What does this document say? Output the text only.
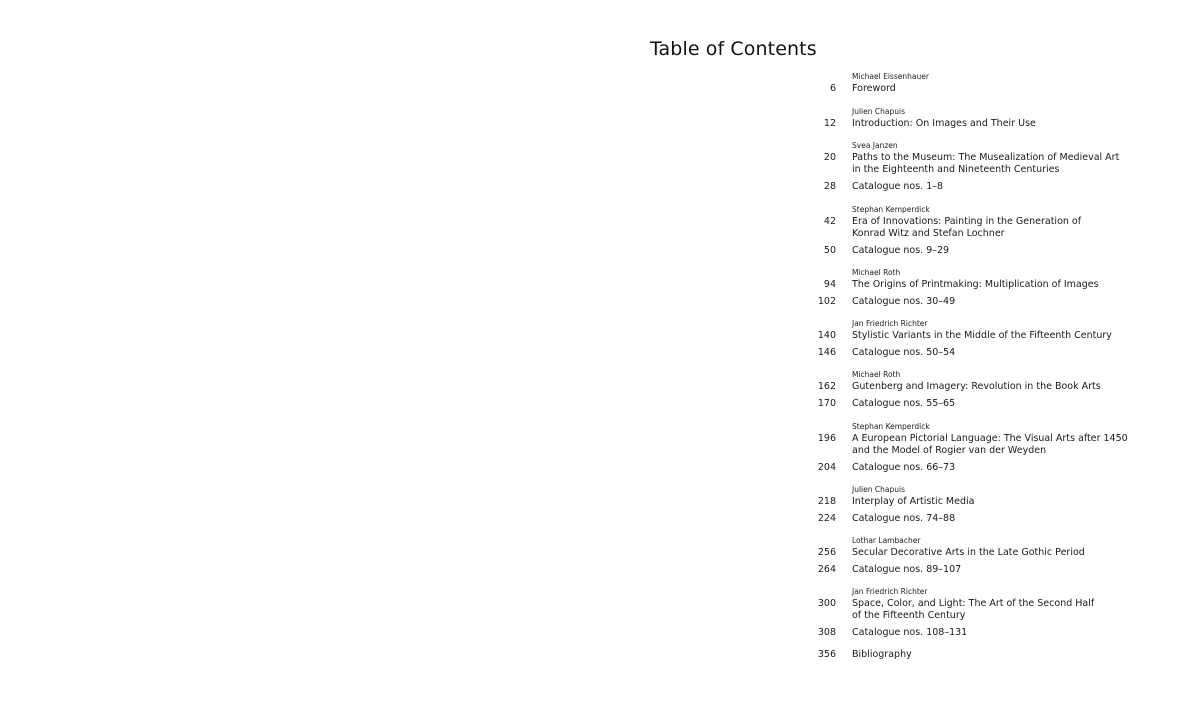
Table of Contents
Michael Eissenhauer
6 Foreword
Julien Chapuis
12 Introduction: On Images and Their Use
Svea Janzen
20 Paths to the Museum: The Musealization of Medieval Art
in the Eighteenth and Nineteenth Centuries
28 Catalogue nos. 1–8
Stephan Kemperdick
42 Era of Innovations: Painting in the Generation of
Konrad Witz and Stefan Lochner
50 Catalogue nos. 9–29
Michael Roth
94 The Origins of Printmaking: Multiplication of Images
102 Catalogue nos. 30–49
Jan Friedrich Richter
140 Stylistic Variants in the Middle of the Fifteenth Century
146 Catalogue nos. 50–54
Michael Roth
162 Gutenberg and Imagery: Revolution in the Book Arts
170 Catalogue nos. 55–65
Stephan Kemperdick
196 A European Pictorial Language: The Visual Arts after 1450
and the Model of Rogier van der Weyden
204 Catalogue nos. 66–73
Julien Chapuis
218 Interplay of Artistic Media
224 Catalogue nos. 74–88
Lothar Lambacher
256 Secular Decorative Arts in the Late Gothic Period
264 Catalogue nos. 89–107
Jan Friedrich Richter
300 Space, Color, and Light: The Art of the Second Half
of the Fifteenth Century
308 Catalogue nos. 108–131
356 Bibliography
